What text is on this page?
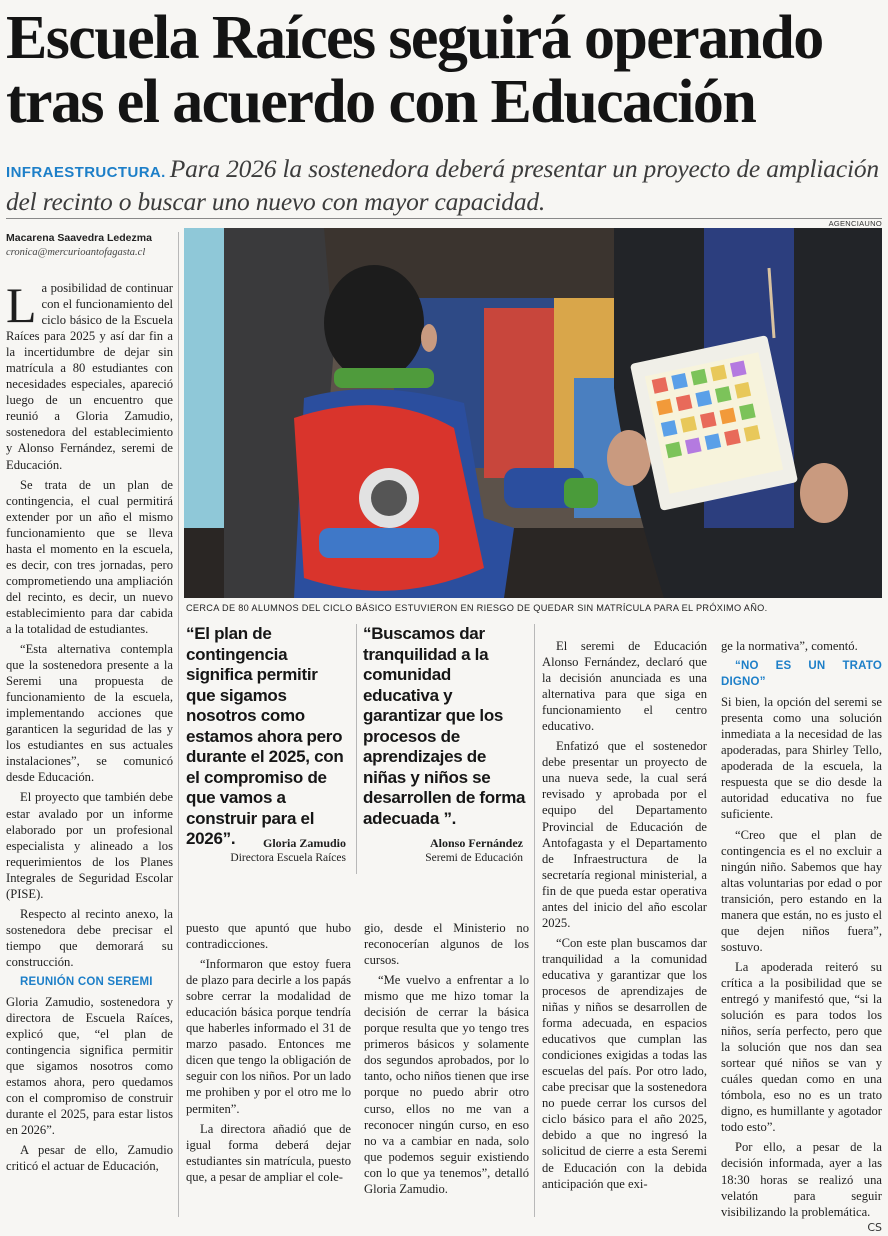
Escuela Raíces seguirá operando tras el acuerdo con Educación
INFRAESTRUCTURA. Para 2026 la sostenedora deberá presentar un proyecto de ampliación del recinto o buscar uno nuevo con mayor capacidad.
AGENCIAUNO
Macarena Saavedra Ledezma
cronica@mercurioantofagasta.cl

La posibilidad de continuar con el funcionamiento del ciclo básico de la Escuela Raíces para 2025 y así dar fin a la incertidumbre de dejar sin matrícula a 80 estudiantes con necesidades especiales, apareció luego de un encuentro que reunió a Gloria Zamudio, sostenedora del establecimiento y Alonso Fernández, seremi de Educación.

Se trata de un plan de contingencia, el cual permitirá extender por un año el mismo funcionamiento que se lleva hasta el momento en la escuela, es decir, con tres jornadas, pero comprometiendo una ampliación del recinto, es decir, un nuevo establecimiento para dar cabida a la totalidad de estudiantes.

“Esta alternativa contempla que la sostenedora presente a la Seremi una propuesta de funcionamiento de la escuela, implementando acciones que garanticen la seguridad de las y los estudiantes en sus actuales instalaciones”, se comunicó desde Educación.

El proyecto que también debe estar avalado por un informe elaborado por un profesional especialista y alineado a los requerimientos de los Planes Integrales de Seguridad Escolar (PISE).

Respecto al recinto anexo, la sostenedora debe precisar el tiempo que demorará su construcción.

REUNIÓN CON SEREMI

Gloria Zamudio, sostenedora y directora de Escuela Raíces, explicó que, “el plan de contingencia significa permitir que sigamos nosotros como estamos ahora, pero quedamos con el compromiso de construir durante el 2025, para estar listos en 2026”.

A pesar de ello, Zamudio criticó el actuar de Educación,

CERCA DE 80 ALUMNOS DEL CICLO BÁSICO ESTUVIERON EN RIESGO DE QUEDAR SIN MATRÍCULA PARA EL PRÓXIMO AÑO.
“El plan de contingencia significa permitir que sigamos nosotros como estamos ahora pero durante el 2025, con el compromiso de que vamos a construir para el 2026”.	Gloria Zamudio
Directora Escuela Raíces
“Buscamos dar tranquilidad a la comunidad educativa y garantizar que los procesos de aprendizajes de niñas y niños se desarrollen de forma adecuada ”.
Alonso Fernández
Seremi de Educación

puesto que apuntó que hubo contradicciones.

“Informaron que estoy fuera de plazo para decirle a los papás sobre cerrar la modalidad de educación básica porque tendría que haberles informado el 31 de marzo pasado. Entonces me dicen que tengo la obligación de seguir con los niños. Por un lado me prohiben y por el otro me lo permiten”.

La directora añadió que de igual forma deberá dejar estudiantes sin matrícula, puesto que, a pesar de ampliar el cole-

gio, desde el Ministerio no reconocerían algunos de los cursos.

“Me vuelvo a enfrentar a lo mismo que me hizo tomar la decisión de cerrar la básica porque resulta que yo tengo tres primeros básicos y solamente dos segundos aprobados, por lo tanto, ocho niños tienen que irse porque no puedo abrir otro curso, ellos no me van a reconocer ningún curso, en eso no va a cambiar en nada, solo que podemos seguir existiendo con lo que ya tenemos”, detalló Gloria Zamudio.

El seremi de Educación Alonso Fernández, declaró que la decisión anunciada es una alternativa para que siga en funcionamiento el centro educativo.

Enfatizó que el sostenedor debe presentar un proyecto de una nueva sede, la cual será revisado y aprobada por el equipo del Departamento Provincial de Educación de Antofagasta y el Departamento de Infraestructura de la secretaría regional ministerial, a fin de que pueda estar operativa antes del inicio del año escolar 2025.

“Con este plan buscamos dar tranquilidad a la comunidad educativa y garantizar que los procesos de aprendizajes de niñas y niños se desarrollen de forma adecuada, en espacios educativos que cumplan las condiciones exigidas a todas las escuelas del país. Por otro lado, cabe precisar que la sostenedora no puede cerrar los cursos del ciclo básico para el año 2025, debido a que no ingresó la solicitud de cierre a esta Seremi de Educación con la debida anticipación que exi-

ge la normativa”, comentó.

“NO ES UN TRATO DIGNO”

Si bien, la opción del seremi se presenta como una solución inmediata a la necesidad de las apoderadas, para Shirley Tello, apoderada de la escuela, la respuesta que se dio desde la autoridad educativa no fue suficiente.

“Creo que el plan de contingencia es el no excluir a ningún niño. Sabemos que hay altas voluntarias por edad o por transición, pero estando en la manera que están, no es justo el que dejen niños fuera”, sostuvo.

La apoderada reiteró su crítica a la posibilidad que se entregó y manifestó que, “si la solución es para todos los niños, sería perfecto, pero que la solución que nos dan sea sortear qué niños se van y cuáles quedan como en una tómbola, eso no es un trato digno, es humillante y agotador todo esto”.

Por ello, a pesar de la decisión informada, ayer a las 18:30 horas se realizó una velatón para seguir visibilizando la problemática.
CS
